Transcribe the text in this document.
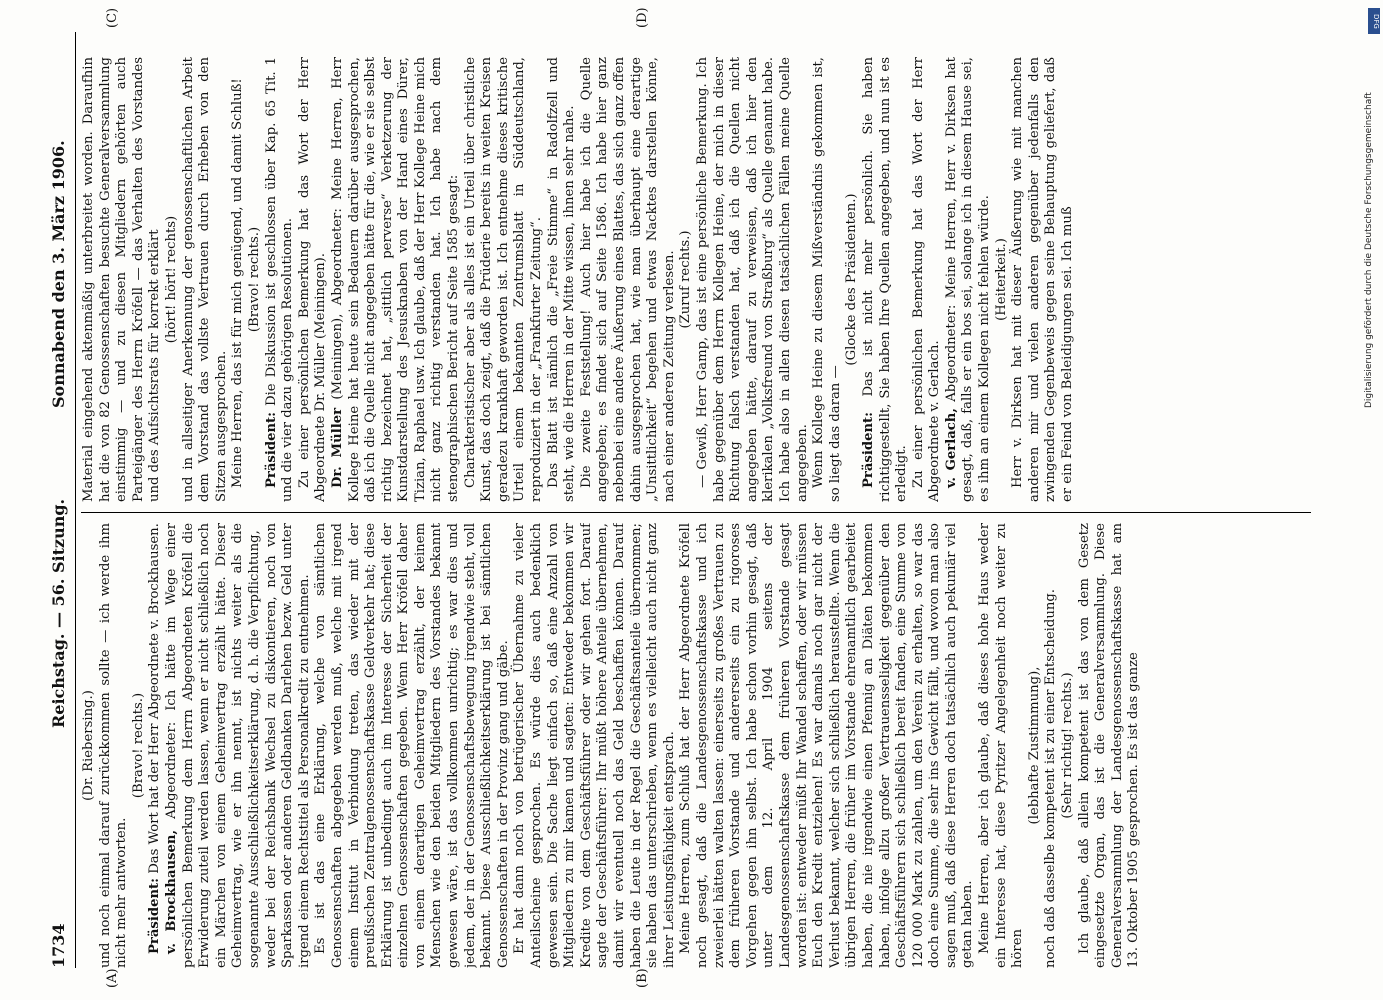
1734
Reichstag. — 56. Sitzung.
Sonnabend den 3. März 1906.
(A)	(B)
(C)	(D)

(Dr. Riebersing.) und noch einmal darauf zurückkommen sollte — ich werde ihm nicht mehr antworten.

(Bravo! rechts.)

Präsident: Das Wort hat der Herr Abgeordnete v. Brockhausen.

v. Brockhausen, Abgeordneter: Ich hätte im Wege einer persönlichen Bemerkung dem Herrn Abgeordneten Kröfell die Erwiderung zuteil werden lassen, wenn er nicht schließlich noch ein Märchen von einem Geheimvertrag erzählt hätte. Dieser Geheimvertrag, wie er ihn nennt, ist nichts weiter als die sogenannte Ausschließlichkeitserklärung, d. h. die Verpflichtung, weder bei der Reichsbank Wechsel zu diskontieren, noch von Sparkassen oder anderen Geldbanken Darlehen bezw. Geld unter irgend einem Rechtstitel als Personalkredit zu entnehmen. Es ist das eine Erklärung, welche von sämtlichen Genossenschaften abgegeben werden muß, welche mit irgend einem Institut in Verbindung treten, das wieder mit der preußischen Zentralgenossenschaftskasse Geldverkehr hat; diese Erklärung ist unbedingt auch im Interesse der Sicherheit der einzelnen Genossenschaften gegeben. Wenn Herr Kröfell daher von einem derartigen Geheimvertrag erzählt, der keinem Menschen wie den beiden Mitgliedern des Vorstandes bekannt gewesen wäre, ist das vollkommen unrichtig; es war dies und jedem, der in der Genossenschaftsbewegung irgendwie steht, voll bekannt. Diese Ausschließlichkeitserklärung ist bei sämtlichen Genossenschaften in der Provinz gang und gäbe. Er hat dann noch von betrügerischer Übernahme zu vieler Anteilscheine gesprochen. Es würde dies auch bedenklich gewesen sein. Die Sache liegt einfach so, daß eine Anzahl von Mitgliedern zu mir kamen und sagten: Entweder bekommen wir Kredite von dem Geschäftsführer oder wir gehen fort. Darauf sagte der Geschäftsführer: Ihr müßt höhere Anteile übernehmen, damit wir eventuell noch das Geld beschaffen können. Darauf haben die Leute in der Regel die Geschäftsanteile übernommen; sie haben das unterschrieben, wenn es vielleicht auch nicht ganz ihrer Leistungsfähigkeit entsprach. Meine Herren, zum Schluß hat der Herr Abgeordnete Kröfell noch gesagt, daß die Landesgenossenschaftskasse und ich zweierlei hätten walten lassen: einerseits zu großes Vertrauen zu dem früheren Vorstande und andererseits ein zu rigoroses Vorgehen gegen ihn selbst. Ich habe schon vorhin gesagt, daß unter dem 12. April 1904 seitens der Landesgenossenschaftskasse dem früheren Vorstande gesagt worden ist: entweder müßt Ihr Wandel schaffen, oder wir müssen Euch den Kredit entziehen! Es war damals noch gar nicht der Verlust bekannt, welcher sich schließlich herausstellte. Wenn die übrigen Herren, die früher im Vorstande ehrenamtlich gearbeitet haben, die nie irgendwie einen Pfennig an Diäten bekommen haben, infolge allzu großer Vertrauensseligkeit gegenüber den Geschäftsführern sich schließlich bereit fanden, eine Summe von 120 000 Mark zu zahlen, um den Verein zu erhalten, so war das doch eine Summe, die sehr ins Gewicht fällt, und wovon man also sagen muß, daß diese Herren doch tatsächlich auch pekuniär viel getan haben. Meine Herren, aber ich glaube, daß dieses hohe Haus weder ein Interesse hat, diese Pyritzer Angelegenheit noch weiter zu hören

(lebhafte Zustimmung), noch daß dasselbe kompetent ist zu einer Entscheidung. (Sehr richtig! rechts.) Ich glaube, daß allein kompetent ist das von dem Gesetz eingesetzte Organ, das ist die Generalversammlung. Diese Generalversammlung der Landesgenossenschaftskasse hat am 13. Oktober 1905 gesprochen. Es ist das ganze

Material eingehend aktenmäßig unterbreitet worden. Daraufhin hat die von 82 Genossenschaften besuchte Generalversammlung einstimmig — und zu diesen Mitgliedern gehörten auch Parteigänger des Herrn Kröfell — das Verhalten des Vorstandes und des Aufsichtsrats für korrekt erklärt (hört! hört! rechts) und in allseitiger Anerkennung der genossenschaftlichen Arbeit dem Vorstand das vollste Vertrauen durch Erheben von den Sitzen ausgesprochen. Meine Herren, das ist für mich genügend, und damit Schluß! (Bravo! rechts.)

Präsident: Die Diskussion ist geschlossen über Kap. 65 Tit. 1 und die vier dazu gehörigen Resolutionen. Zu einer persönlichen Bemerkung hat das Wort der Herr Abgeordnete Dr. Müller (Meiningen). Dr. Müller (Meiningen), Abgeordneter: Meine Herren, Herr Kollege Heine hat heute sein Bedauern darüber ausgesprochen, daß ich die Quelle nicht angegeben hätte für die, wie er sie selbst richtig bezeichnet hat, „sittlich perverse“ Verketzerung der Kunstdarstellung des Jesusknaben von der Hand eines Dürer, Tizian, Raphael usw. Ich glaube, daß der Herr Kollege Heine mich nicht ganz richtig verstanden hat. Ich habe nach dem stenographischen Bericht auf Seite 1585 gesagt: Charakteristischer aber als alles ist ein Urteil über christliche Kunst, das doch zeigt, daß die Prüderie bereits in weiten Kreisen geradezu krankhaft geworden ist. Ich entnehme dieses kritische Urteil einem bekannten Zentrumsblatt in Süddeutschland, reproduziert in der „Frankfurter Zeitung“. Das Blatt ist nämlich die „Freie Stimme“ in Radolfzell und steht, wie die Herren in der Mitte wissen, ihnen sehr nahe. Die zweite Feststellung! Auch hier habe ich die Quelle angegeben; es findet sich auf Seite 1586. Ich habe hier ganz nebenbei eine andere Äußerung eines Blattes, das sich ganz offen dahin ausgesprochen hat, wie man überhaupt eine derartige „Unsittlichkeit“ begehen und etwas Nacktes darstellen könne, nach einer anderen Zeitung verlesen. (Zuruf rechts.) — Gewiß, Herr Gamp, das ist eine persönliche Bemerkung. Ich habe gegenüber dem Herrn Kollegen Heine, der mich in dieser Richtung falsch verstanden hat, daß ich die Quellen nicht angegeben hätte, darauf zu verweisen, daß ich hier den klerikalen „Volksfreund von Straßburg“ als Quelle genannt habe. Ich habe also in allen diesen tatsächlichen Fällen meine Quelle angegeben. Wenn Kollege Heine zu diesem Mißverständnis gekommen ist, so liegt das daran —

(Glocke des Präsidenten.)

Präsident: Das ist nicht mehr persönlich. Sie haben richtiggestellt, Sie haben Ihre Quellen angegeben, und nun ist es erledigt. Zu einer persönlichen Bemerkung hat das Wort der Herr Abgeordnete v. Gerlach. v. Gerlach, Abgeordneter: Meine Herren, Herr v. Dirksen hat gesagt, daß, falls er ein bos sei, solange ich in diesem Hause sei, es ihm an einem Kollegen nicht fehlen würde. (Heiterkeit.) Herr v. Dirksen hat mit dieser Äußerung wie mit manchen anderen mir und vielen anderen gegenüber jedenfalls den zwingenden Gegenbeweis gegen seine Behauptung geliefert, daß er ein Feind von Beleidigungen sei. Ich muß

DFG
Digitalisierung gefördert durch die Deutsche Forschungsgemeinschaft
